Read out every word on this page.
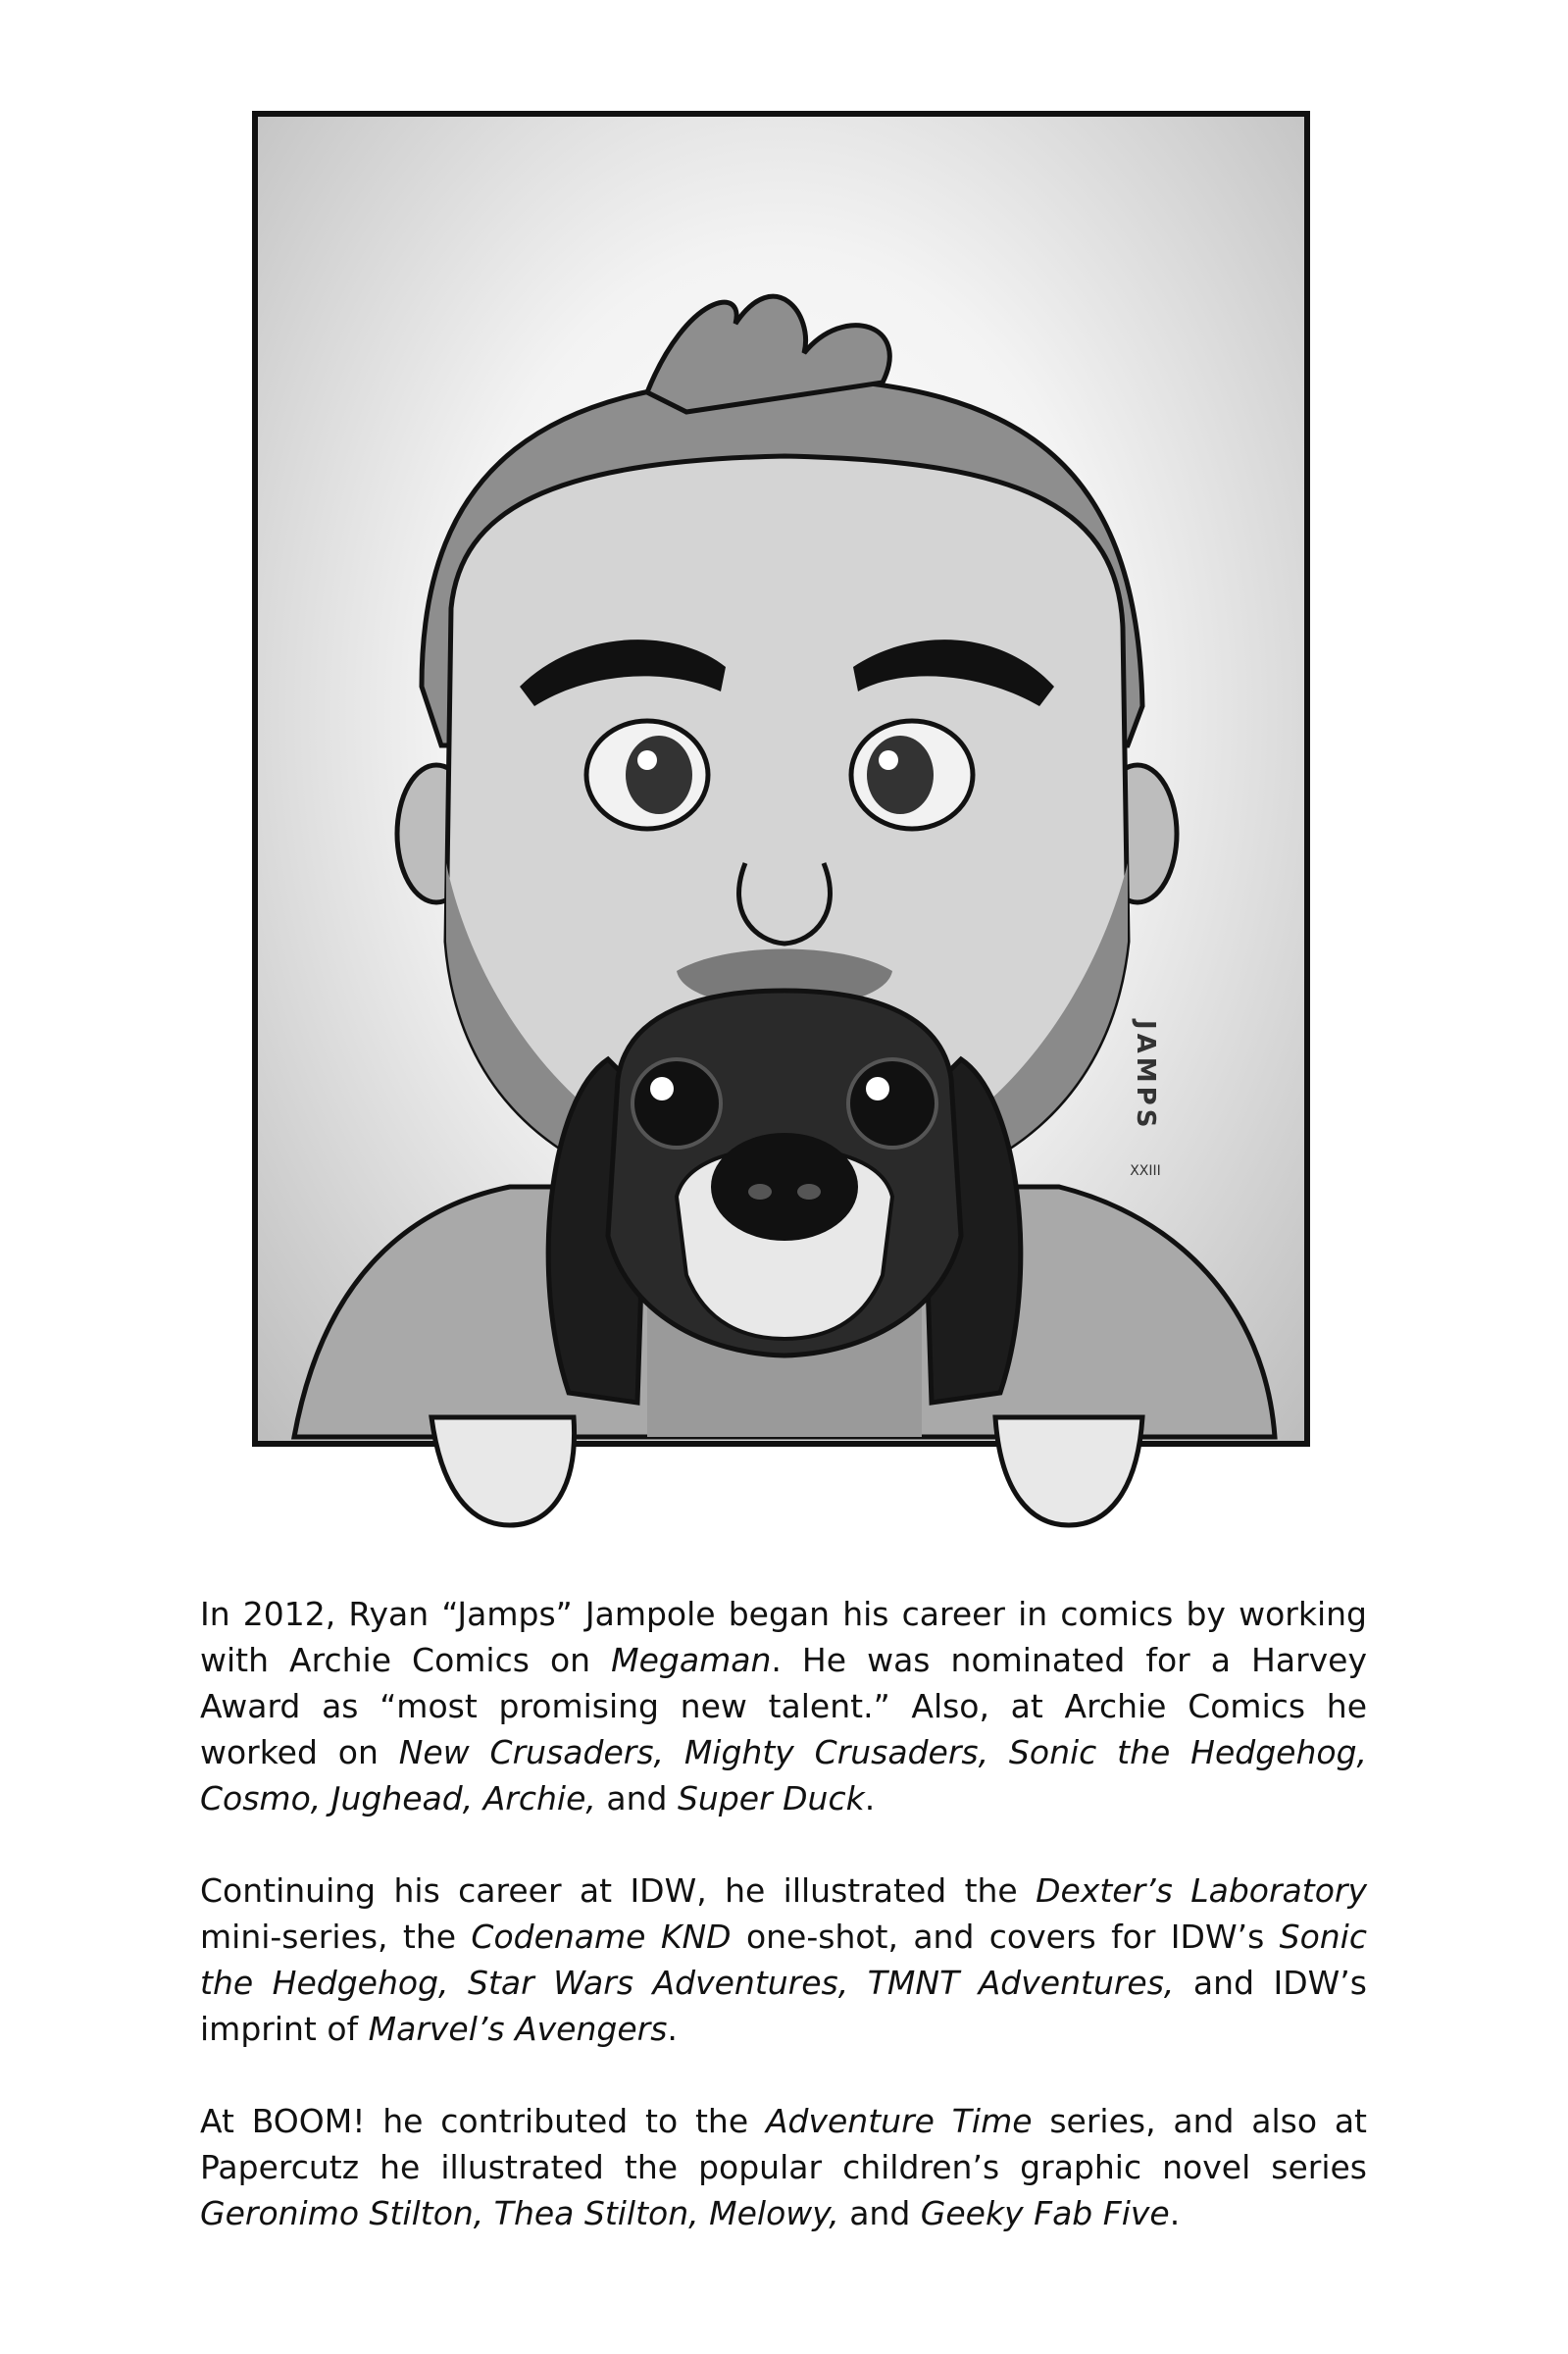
JAMPS
XXIII

In 2012, Ryan “Jamps” Jampole began his career in comics by working with Archie Comics on Megaman. He was nominated for a Harvey Award as “most promising new talent.” Also, at Archie Comics he worked on New Crusaders, Mighty Crusaders, Sonic the Hedgehog, Cosmo, Jughead, Archie, and Super Duck.

Continuing his career at IDW, he illustrated the Dexter’s Laboratory mini-series, the Codename KND one-shot, and covers for IDW’s Sonic the Hedgehog, Star Wars Adventures, TMNT Adventures, and IDW’s imprint of Marvel’s Avengers.

At BOOM! he contributed to the Adventure Time series, and also at Papercutz he illustrated the popular children’s graphic novel series Geronimo Stilton, Thea Stilton, Melowy, and Geeky Fab Five.
